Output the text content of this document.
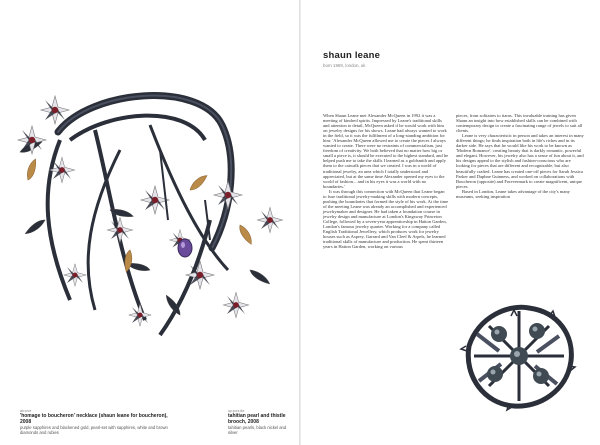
above
'homage to boucheron' necklace (shaun leane for boucheron), 2008
purple sapphires and blackened gold, pearl-set with sapphires, white and brown diamonds and rubies
opposite
tahitian pearl and thistle brooch, 2008
tahitian pearls, black nickel and silver
shaun leane
born 1969, london, uk

When Shaun Leane met Alexander McQueen in 1992 it was a meeting of kindred spirits. Impressed by Leane's traditional skills and attention to detail, McQueen asked if he would work with him on jewelry designs for his shows. Leane had always wanted to work in the field, so it was the fulfilment of a long-standing ambition for him: 'Alexander McQueen allowed me to create the pieces I always wanted to create. There were no restraints of commercialism, just freedom of creativity. We both believed that no matter how big or small a piece is, it should be executed to the highest standard, and he helped push me to take the skills I learned as a goldsmith and apply them to the catwalk pieces that we created. I was in a world of traditional jewelry, an area which I totally understood and appreciated, but at the same time Alexander opened my eyes to the world of fashion... and in his eyes it was a world with no boundaries.'

It was through this connection with McQueen that Leane began to fuse traditional jewelry-making skills with modern concepts, pushing the boundaries that formed the style of his work. At the time of the meeting Leane was already an accomplished and experienced jewelrymaker and designer. He had taken a foundation course in jewelry design and manufacture at London's Kingsway Princeton College, followed by a seven-year apprenticeship in Hatton Garden, London's famous jewelry quarter. Working for a company called English Traditional Jewellery, which produces work for jewelry houses such as Asprey, Garrard and Van Cleef & Arpels, he learned traditional skills of manufacture and production. He spent thirteen years in Hatton Garden, working on various

pieces, from solitaires to tiaras. This invaluable training has given Shaun an insight into how established skills can be combined with contemporary design to create a fascinating range of jewels to suit all clients.

Leane is very characteristic in person and takes an interest in many different things; he finds inspiration both in life's riches and in its darker side. He says that he would like his work to be known as 'Modern Romance', creating beauty that is darkly romantic, powerful and elegant. However, his jewelry also has a sense of fun about it, and his designs appeal to the stylish and fashion-conscious who are looking for pieces that are different and recognizable, but also beautifully crafted. Leane has created one-off pieces for Sarah Jessica Parker and Daphne Guinness, and worked on collaborations with Boucheron (opposite) and Forevermark to create magnificent, unique pieces.

Based in London, Leane takes advantage of the city's many museums, seeking inspiration
